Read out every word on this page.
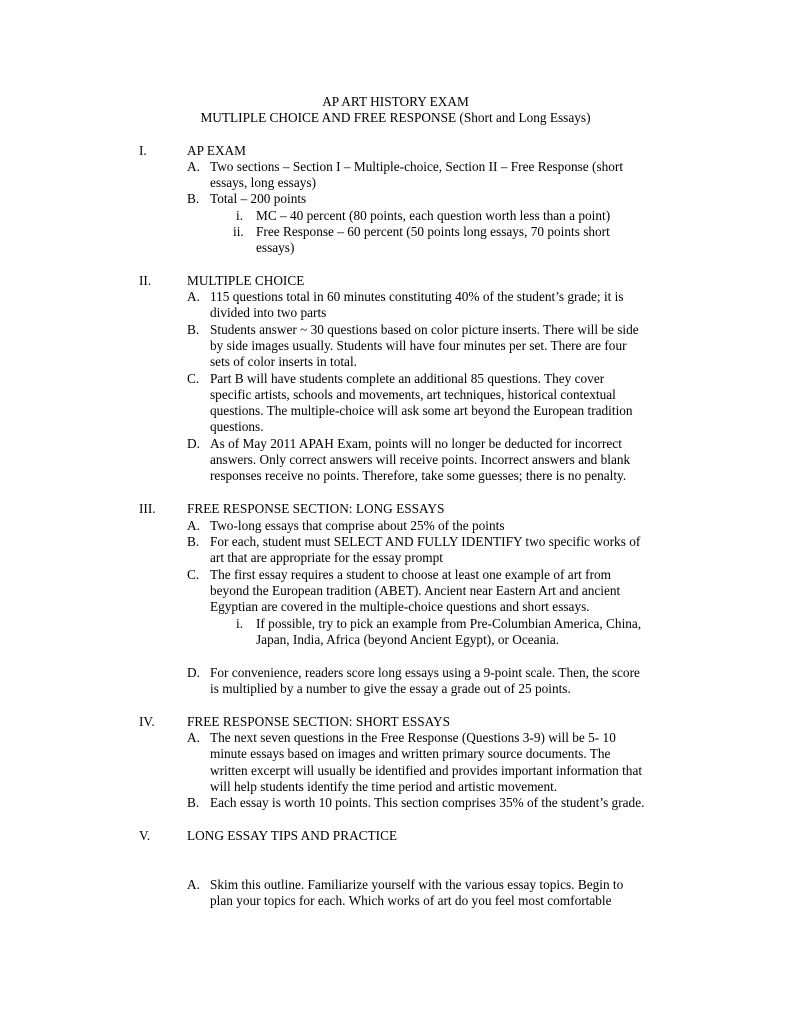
AP ART HISTORY EXAM
MUTLIPLE CHOICE AND FREE RESPONSE (Short and Long Essays)
I.	AP EXAM
A. Two sections – Section I – Multiple-choice, Section II – Free Response (short
essays, long essays)
B. Total – 200 points
i. MC – 40 percent (80 points, each question worth less than a point)
ii. Free Response – 60 percent (50 points long essays, 70 points short
essays)
II.	MULTIPLE CHOICE
A. 115 questions total in 60 minutes constituting 40% of the student’s grade; it is
divided into two parts
B. Students answer ~ 30 questions based on color picture inserts. There will be side
by side images usually. Students will have four minutes per set. There are four
sets of color inserts in total.
C. Part B will have students complete an additional 85 questions. They cover
specific artists, schools and movements, art techniques, historical contextual
questions. The multiple-choice will ask some art beyond the European tradition
questions.
D. As of May 2011 APAH Exam, points will no longer be deducted for incorrect
answers. Only correct answers will receive points. Incorrect answers and blank
responses receive no points. Therefore, take some guesses; there is no penalty.
III. FREE RESPONSE SECTION: LONG ESSAYS
A. Two-long essays that comprise about 25% of the points
B. For each, student must SELECT AND FULLY IDENTIFY two specific works of
art that are appropriate for the essay prompt
C. The first essay requires a student to choose at least one example of art from
beyond the European tradition (ABET). Ancient near Eastern Art and ancient
Egyptian are covered in the multiple-choice questions and short essays.
i. If possible, try to pick an example from Pre-Columbian America, China,
Japan, India, Africa (beyond Ancient Egypt), or Oceania.
D. For convenience, readers score long essays using a 9-point scale. Then, the score
is multiplied by a number to give the essay a grade out of 25 points.
IV. FREE RESPONSE SECTION: SHORT ESSAYS
A. The next seven questions in the Free Response (Questions 3-9) will be 5- 10
minute essays based on images and written primary source documents. The
written excerpt will usually be identified and provides important information that
will help students identify the time period and artistic movement.
B. Each essay is worth 10 points. This section comprises 35% of the student’s grade.
V.	LONG ESSAY TIPS AND PRACTICE
A. Skim this outline. Familiarize yourself with the various essay topics. Begin to
plan your topics for each. Which works of art do you feel most comfortable
